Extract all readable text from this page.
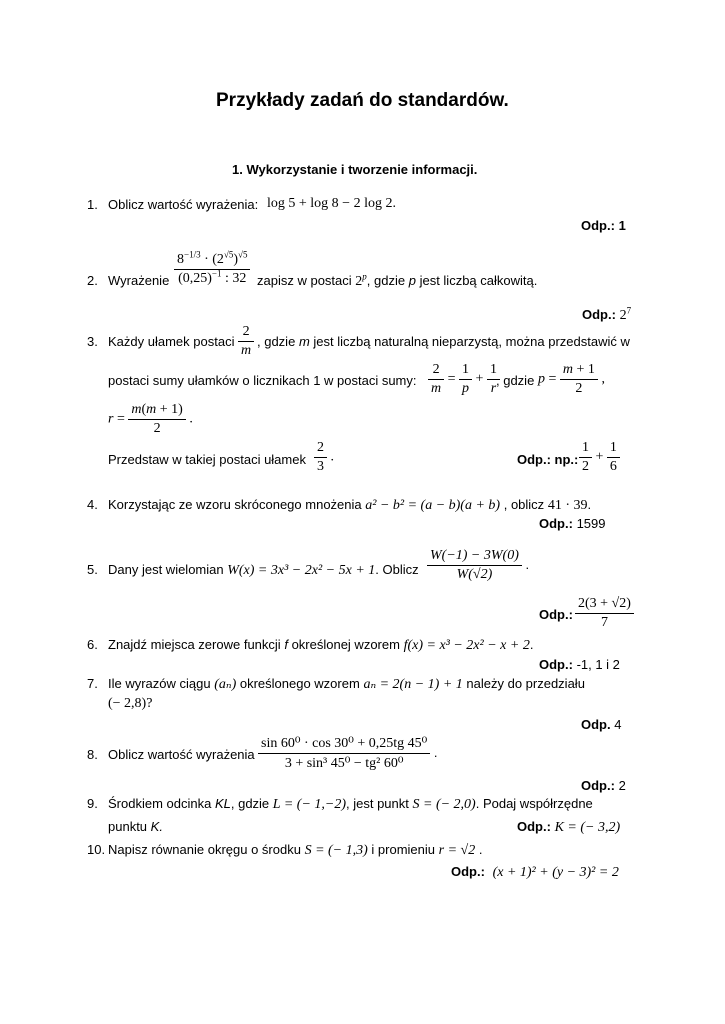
Przykłady zadań do standardów.
1. Wykorzystanie i tworzenie informacji.
1. Oblicz wartość wyrażenia: log 5 + log 8 − 2 log 2.
Odp.: 1
2. Wyrażenie $\frac{8^{-1/3} \cdot (2^{√5})^{√5}}{(0,25)^{-1} : 32}$ zapisz w postaci 2$^p$, gdzie p jest liczbą całkowitą.
Odp.: $2^7$
3. Każdy ułamek postaci $\frac{2}{m}$ , gdzie m jest liczbą naturalną nieparzystą, można przedstawić w
postaci sumy ułamków o licznikach 1 w postaci sumy: $\frac{2}{m} = \frac{1}{p} + \frac{1}{r}$
, gdzie $p = \frac{m + 1}{2}$ ,
$r = \frac{m(m + 1)}{2}$ .
Przedstaw w takiej postaci ułamek $\frac{2}{3}$ .	Odp.: np.: $\frac{1}{2} + \frac{1}{6}$
4. Korzystając ze wzoru skróconego mnożenia a² − b² = (a − b)(a + b) , oblicz 41 · 39.
Odp.: 1599
5. Dany jest wielomian W(x) = 3x³ − 2x² − 5x + 1. Oblicz $\frac{W(-1) - 3W(0)}{W(√2)}$ .
Odp.: $\frac{2(3 + √2)}{7}$
6. Znajdź miejsca zerowe funkcji f określonej wzorem f(x) = x³ − 2x² − x + 2.
Odp.: -1, 1 i 2
7. Ile wyrazów ciągu (aₙ) określonego wzorem aₙ = 2(n − 1) + 1 należy do przedziału
(− 2,8)?
Odp. 4
8. Oblicz wartość wyrażenia $\frac{\text{sin 60⁰ · cos 30⁰ + 0,25tg 45⁰}}{\text{3 + sin³ 45⁰ − tg² 60⁰}}$ .
Odp.: 2
9. Środkiem odcinka KL, gdzie L = (− 1,−2), jest punkt S = (− 2,0). Podaj współrzędne
punktu K.	Odp.: K = (− 3,2)
10. Napisz równanie okręgu o środku S = (− 1,3) i promieniu r = √2 .
Odp.: (x + 1)² + (y − 3)² = 2
